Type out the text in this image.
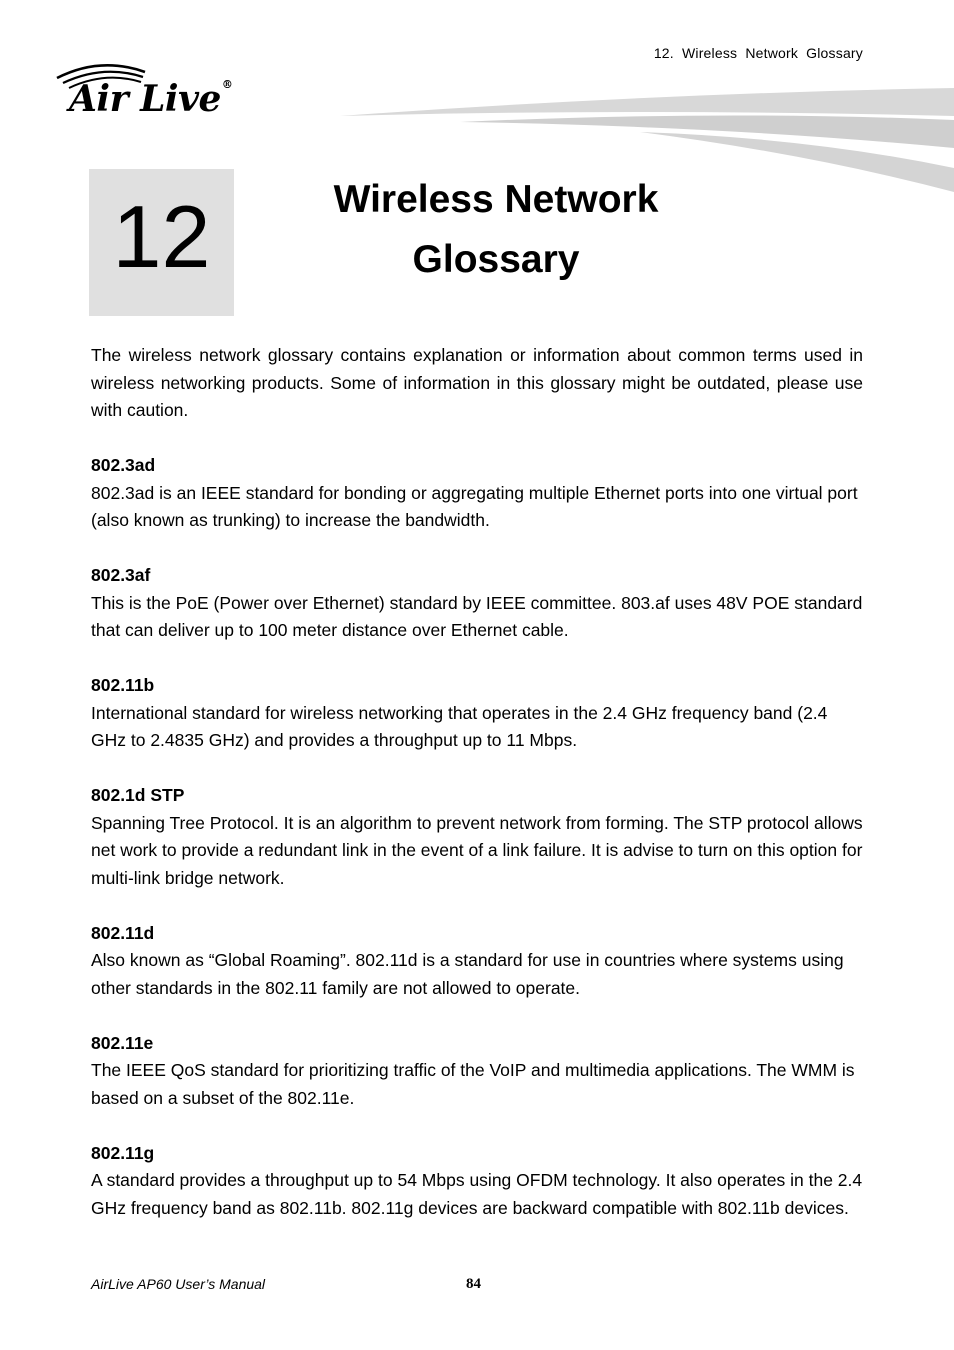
12. Wireless Network Glossary
Air Live®
12	Wireless Network
Glossary

The wireless network glossary contains explanation or information about common terms used in wireless networking products. Some of information in this glossary might be outdated, please use with caution.

802.3ad
802.3ad is an IEEE standard for bonding or aggregating multiple Ethernet ports into one virtual port (also known as trunking) to increase the bandwidth.
802.3af
This is the PoE (Power over Ethernet) standard by IEEE committee. 803.af uses 48V POE standard that can deliver up to 100 meter distance over Ethernet cable.
802.11b
International standard for wireless networking that operates in the 2.4 GHz frequency band (2.4 GHz to 2.4835 GHz) and provides a throughput up to 11 Mbps.
802.1d STP
Spanning Tree Protocol. It is an algorithm to prevent network from forming. The STP protocol allows net work to provide a redundant link in the event of a link failure. It is advise to turn on this option for multi-link bridge network.
802.11d
Also known as “Global Roaming”. 802.11d is a standard for use in countries where systems using other standards in the 802.11 family are not allowed to operate.
802.11e
The IEEE QoS standard for prioritizing traffic of the VoIP and multimedia applications. The WMM is based on a subset of the 802.11e.
802.11g
A standard provides a throughput up to 54 Mbps using OFDM technology. It also operates in the 2.4 GHz frequency band as 802.11b. 802.11g devices are backward compatible with 802.11b devices.
AirLive AP60 User’s Manual	84
